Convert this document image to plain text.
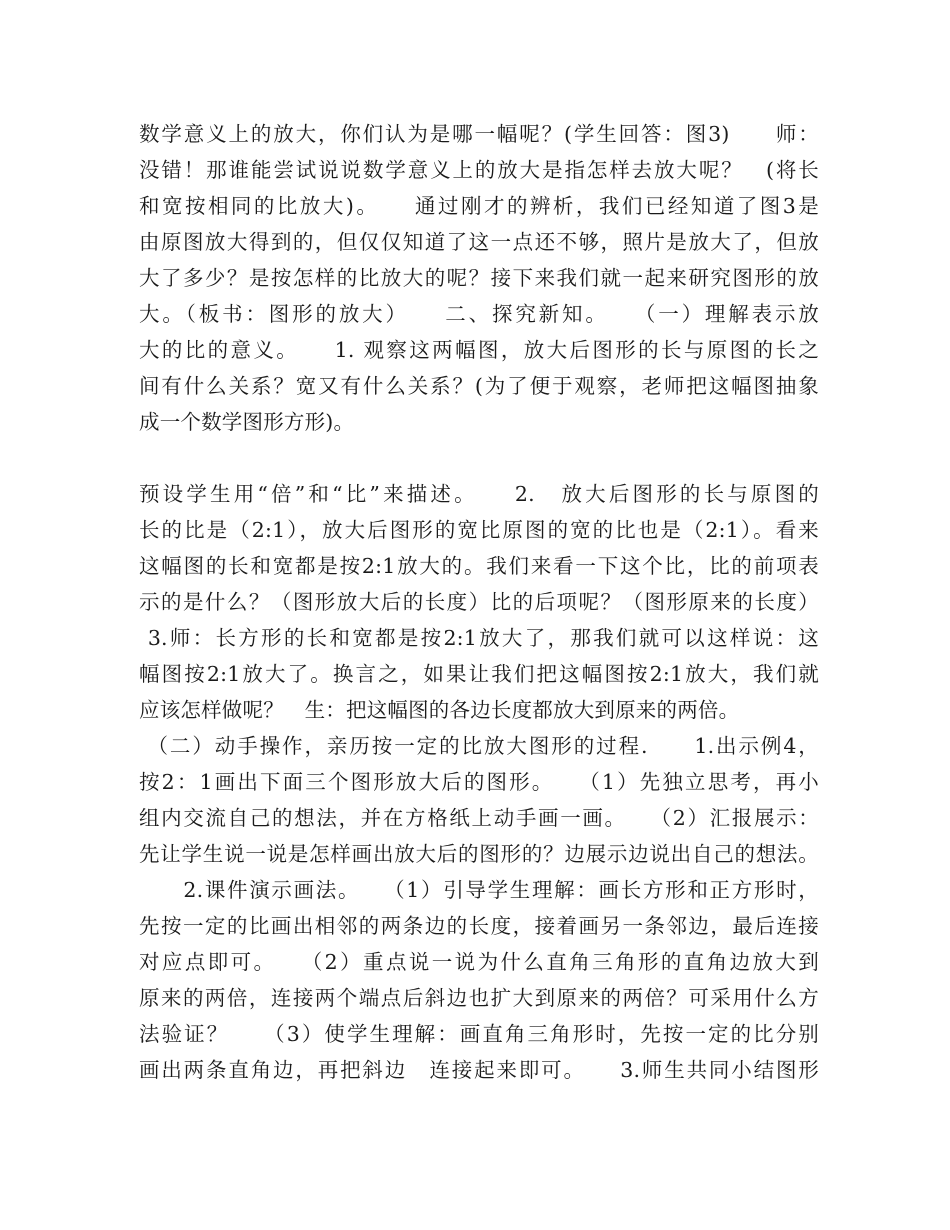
数学意义上的放大，你们认为是哪一幅呢？(学生回答：图3)　　师：
没错！那谁能尝试说说数学意义上的放大是指怎样去放大呢？　(将长
和宽按相同的比放大)。　　通过刚才的辨析，我们已经知道了图3是
由原图放大得到的，但仅仅知道了这一点还不够，照片是放大了，但放
大了多少？是按怎样的比放大的呢？接下来我们就一起来研究图形的放
大。（板书：图形的放大）　　二、探究新知。　　（一）理解表示放
大的比的意义。　　1. 观察这两幅图，放大后图形的长与原图的长之
间有什么关系？宽又有什么关系？(为了便于观察，老师把这幅图抽象
成一个数学图形方形)。
预设学生用“倍”和“比”来描述。　　2.　放大后图形的长与原图的
长的比是（2:1），放大后图形的宽比原图的宽的比也是（2:1）。看来
这幅图的长和宽都是按2:1放大的。我们来看一下这个比，比的前项表
示的是什么？（图形放大后的长度）比的后项呢？（图形原来的长度）
3.师：长方形的长和宽都是按2:1放大了，那我们就可以这样说：这
幅图按2:1放大了。换言之，如果让我们把这幅图按2:1放大，我们就
应该怎样做呢？　生：把这幅图的各边长度都放大到原来的两倍。
（二）动手操作，亲历按一定的比放大图形的过程.　　1.出示例4，
按2：1画出下面三个图形放大后的图形。　　（1）先独立思考，再小
组内交流自己的想法，并在方格纸上动手画一画。　　（2）汇报展示：
先让学生说一说是怎样画出放大后的图形的？边展示边说出自己的想法。
　　2.课件演示画法。　　（1）引导学生理解：画长方形和正方形时，
先按一定的比画出相邻的两条边的长度，接着画另一条邻边，最后连接
对应点即可。　　（2）重点说一说为什么直角三角形的直角边放大到
原来的两倍，连接两个端点后斜边也扩大到原来的两倍？可采用什么方
法验证？　　（3）使学生理解：画直角三角形时，先按一定的比分别
画出两条直角边，再把斜边　连接起来即可。　　3.师生共同小结图形
